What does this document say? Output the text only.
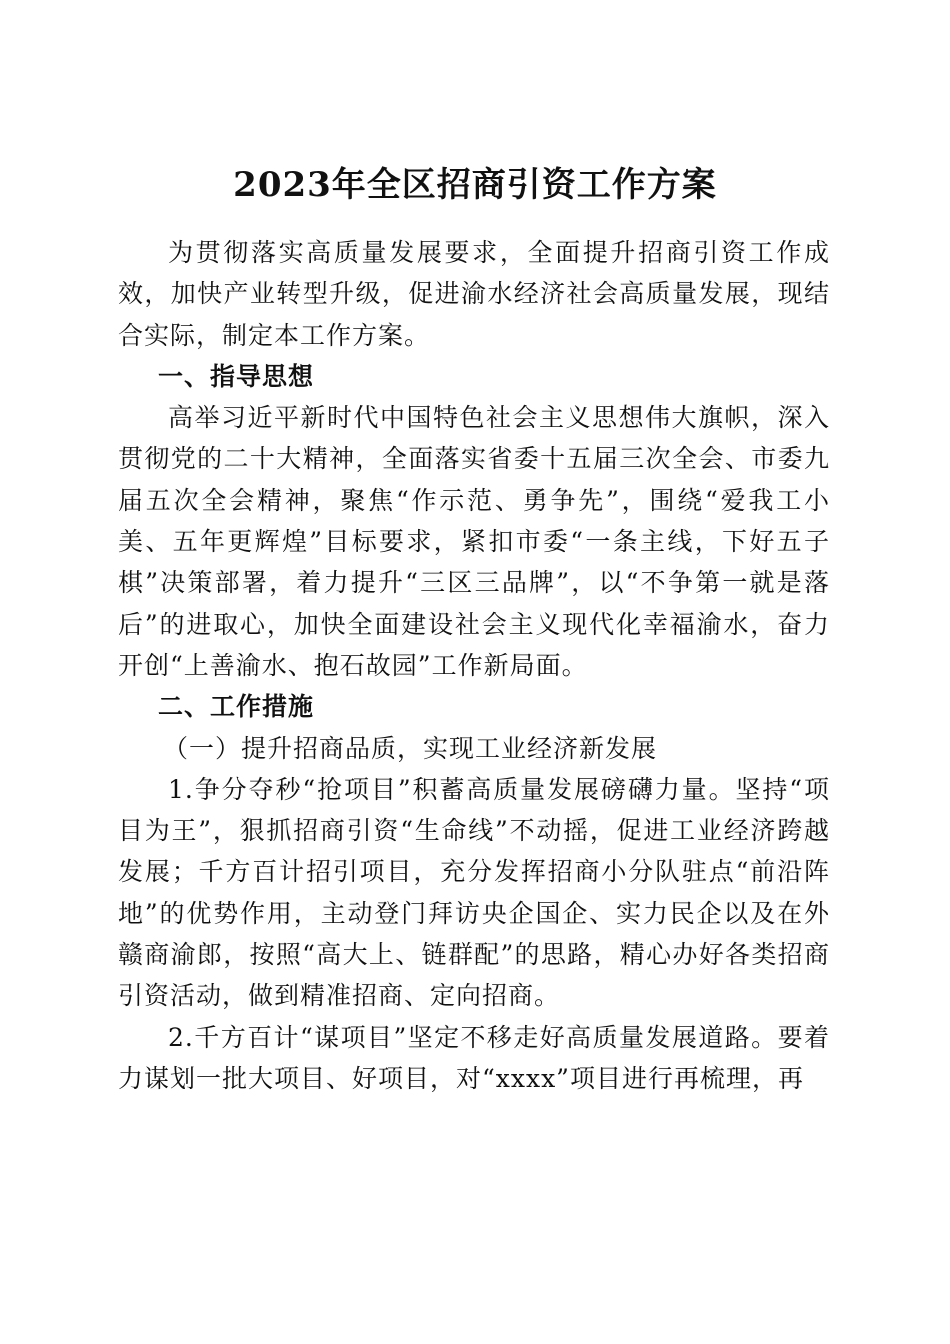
2023年全区招商引资工作方案

为贯彻落实高质量发展要求，全面提升招商引资工作成效，加快产业转型升级，促进渝水经济社会高质量发展，现结合实际，制定本工作方案。

一、指导思想

高举习近平新时代中国特色社会主义思想伟大旗帜，深入贯彻党的二十大精神，全面落实省委十五届三次全会、市委九届五次全会精神，聚焦“作示范、勇争先”，围绕“爱我工小美、五年更辉煌”目标要求，紧扣市委“一条主线，下好五子棋”决策部署，着力提升“三区三品牌”，以“不争第一就是落后”的进取心，加快全面建设社会主义现代化幸福渝水，奋力开创“上善渝水、抱石故园”工作新局面。

二、工作措施
（一）提升招商品质，实现工业经济新发展

1.争分夺秒“抢项目”积蓄高质量发展磅礴力量。坚持“项目为王”，狠抓招商引资“生命线”不动摇，促进工业经济跨越发展；千方百计招引项目，充分发挥招商小分队驻点“前沿阵地”的优势作用，主动登门拜访央企国企、实力民企以及在外赣商渝郎，按照“高大上、链群配”的思路，精心办好各类招商引资活动，做到精准招商、定向招商。

2.千方百计“谋项目”坚定不移走好高质量发展道路。要着力谋划一批大项目、好项目，对“xxxx”项目进行再梳理，再
